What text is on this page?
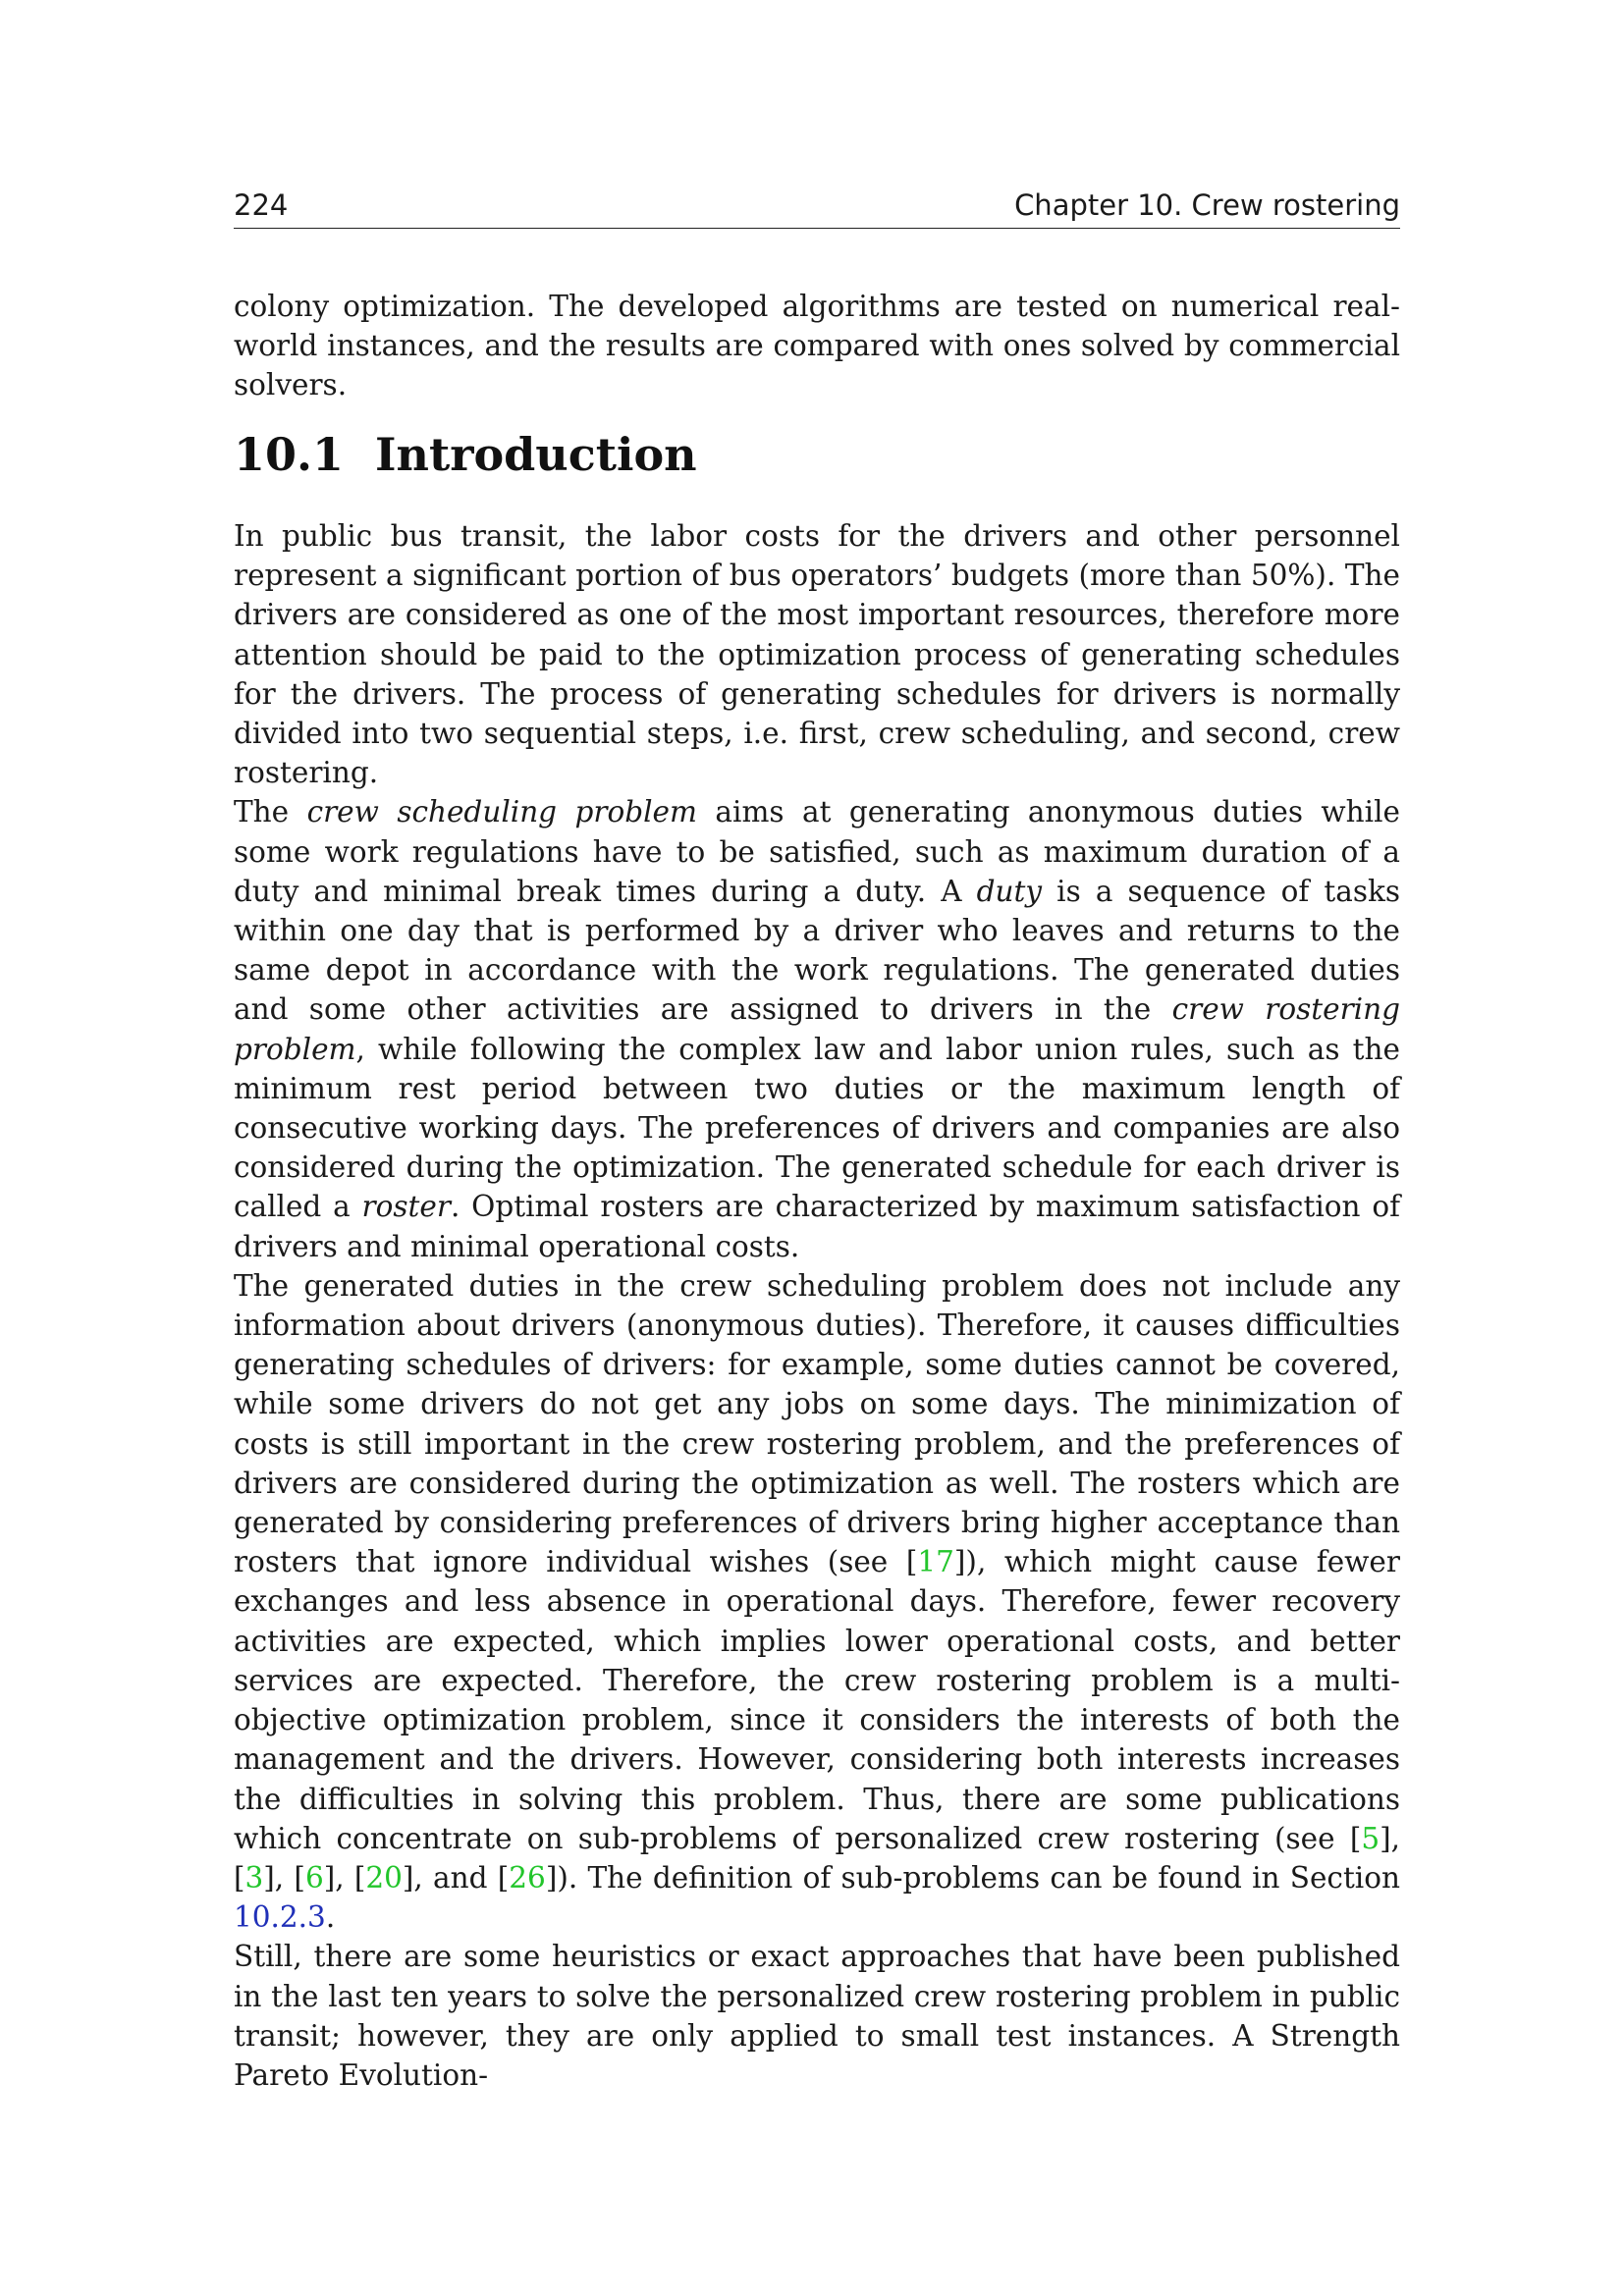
224	Chapter 10. Crew rostering

colony optimization. The developed algorithms are tested on numerical real-world instances, and the results are compared with ones solved by commercial solvers.

10.1 Introduction

In public bus transit, the labor costs for the drivers and other personnel represent a significant portion of bus operators’ budgets (more than 50%). The drivers are considered as one of the most important resources, therefore more attention should be paid to the optimization process of generating schedules for the drivers. The process of generating schedules for drivers is normally divided into two sequential steps, i.e. first, crew scheduling, and second, crew rostering.

The crew scheduling problem aims at generating anonymous duties while some work regulations have to be satisfied, such as maximum duration of a duty and minimal break times during a duty. A duty is a sequence of tasks within one day that is performed by a driver who leaves and returns to the same depot in accordance with the work regulations. The generated duties and some other activities are assigned to drivers in the crew rostering problem, while following the complex law and labor union rules, such as the minimum rest period between two duties or the maximum length of consecutive working days. The preferences of drivers and companies are also considered during the optimization. The generated schedule for each driver is called a roster. Optimal rosters are characterized by maximum satisfaction of drivers and minimal operational costs.

The generated duties in the crew scheduling problem does not include any information about drivers (anonymous duties). Therefore, it causes difficulties generating schedules of drivers: for example, some duties cannot be covered, while some drivers do not get any jobs on some days. The minimization of costs is still important in the crew rostering problem, and the preferences of drivers are considered during the optimization as well. The rosters which are generated by considering preferences of drivers bring higher acceptance than rosters that ignore individual wishes (see [17]), which might cause fewer exchanges and less absence in operational days. Therefore, fewer recovery activities are expected, which implies lower operational costs, and better services are expected. Therefore, the crew rostering problem is a multi-objective optimization problem, since it considers the interests of both the management and the drivers. However, considering both interests increases the difficulties in solving this problem. Thus, there are some publications which concentrate on sub-problems of personalized crew rostering (see [5], [3], [6], [20], and [26]). The definition of sub-problems can be found in Section 10.2.3.

Still, there are some heuristics or exact approaches that have been published in the last ten years to solve the personalized crew rostering problem in public transit; however, they are only applied to small test instances. A Strength Pareto Evolution-
